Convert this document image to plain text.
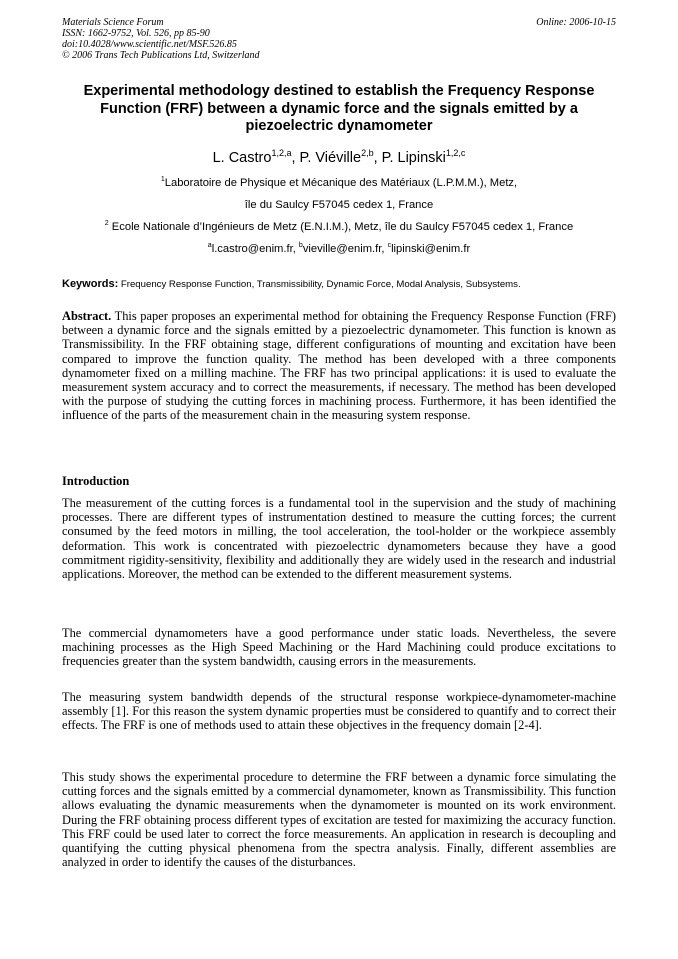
Materials Science Forum
ISSN: 1662-9752, Vol. 526, pp 85-90
doi:10.4028/www.scientific.net/MSF.526.85
© 2006 Trans Tech Publications Ltd, Switzerland
Online: 2006-10-15
Experimental methodology destined to establish the Frequency Response Function (FRF) between a dynamic force and the signals emitted by a piezoelectric dynamometer
L. Castro$^{1,2,a}$, P. Viéville$^{2,b}$, P. Lipinski$^{1,2,c}$
$^1$Laboratoire de Physique et Mécanique des Matériaux (L.P.M.M.), Metz,
île du Saulcy F57045 cedex 1, France
$^2$ Ecole Nationale d’Ingénieurs de Metz (E.N.I.M.), Metz, île du Saulcy F57045 cedex 1, France
$^a$l.castro@enim.fr, $^b$vieville@enim.fr, $^c$lipinski@enim.fr
Keywords: Frequency Response Function, Transmissibility, Dynamic Force, Modal Analysis, Subsystems.
Abstract. This paper proposes an experimental method for obtaining the Frequency Response Function (FRF) between a dynamic force and the signals emitted by a piezoelectric dynamometer. This function is known as Transmissibility. In the FRF obtaining stage, different configurations of mounting and excitation have been compared to improve the function quality. The method has been developed with a three components dynamometer fixed on a milling machine. The FRF has two principal applications: it is used to evaluate the measurement system accuracy and to correct the measurements, if necessary. The method has been developed with the purpose of studying the cutting forces in machining process. Furthermore, it has been identified the influence of the parts of the measurement chain in the measuring system response.
Introduction
The measurement of the cutting forces is a fundamental tool in the supervision and the study of machining processes. There are different types of instrumentation destined to measure the cutting forces; the current consumed by the feed motors in milling, the tool acceleration, the tool-holder or the workpiece assembly deformation. This work is concentrated with piezoelectric dynamometers because they have a good commitment rigidity-sensitivity, flexibility and additionally they are widely used in the research and industrial applications. Moreover, the method can be extended to the different measurement systems.
The commercial dynamometers have a good performance under static loads. Nevertheless, the severe machining processes as the High Speed Machining or the Hard Machining could produce excitations to frequencies greater than the system bandwidth, causing errors in the measurements.
The measuring system bandwidth depends of the structural response workpiece-dynamometer-machine assembly [1]. For this reason the system dynamic properties must be considered to quantify and to correct their effects. The FRF is one of methods used to attain these objectives in the frequency domain [2-4].
This study shows the experimental procedure to determine the FRF between a dynamic force simulating the cutting forces and the signals emitted by a commercial dynamometer, known as Transmissibility. This function allows evaluating the dynamic measurements when the dynamometer is mounted on its work environment. During the FRF obtaining process different types of excitation are tested for maximizing the accuracy function. This FRF could be used later to correct the force measurements. An application in research is decoupling and quantifying the cutting physical phenomena from the spectra analysis. Finally, different assemblies are analyzed in order to identify the causes of the disturbances.
